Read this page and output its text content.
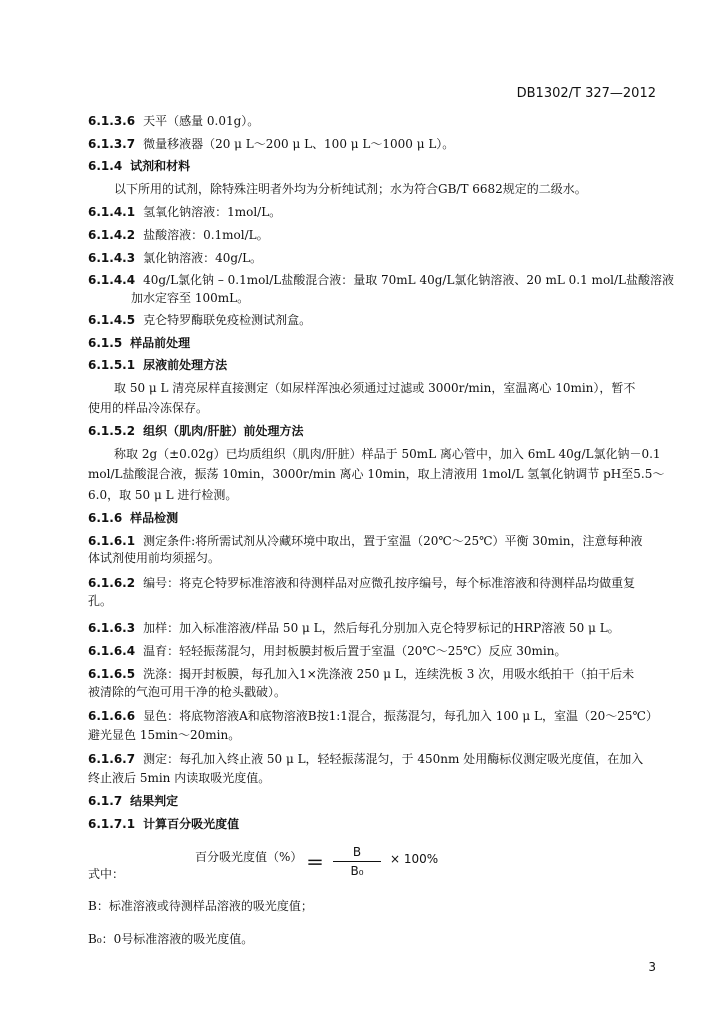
DB1302/T 327—2012
6.1.3.6 天平（感量 0.01g）。
6.1.3.7 微量移液器（20 μ L～200 μ L、100 μ L～1000 μ L）。
6.1.4 试剂和材料
以下所用的试剂，除特殊注明者外均为分析纯试剂；水为符合GB/T 6682规定的二级水。
6.1.4.1 氢氧化钠溶液：1mol/L。
6.1.4.2 盐酸溶液：0.1mol/L。
6.1.4.3 氯化钠溶液：40g/L。
6.1.4.4 40g/L氯化钠 – 0.1mol/L盐酸混合液：量取 70mL 40g/L氯化钠溶液、20 mL 0.1 mol/L盐酸溶液
加水定容至 100mL。
6.1.4.5 克仑特罗酶联免疫检测试剂盒。
6.1.5 样品前处理
6.1.5.1 尿液前处理方法
取 50 μ L 清亮尿样直接测定（如尿样浑浊必须通过过滤或 3000r/min，室温离心 10min），暂不
使用的样品冷冻保存。
6.1.5.2 组织（肌肉/肝脏）前处理方法
称取 2g（±0.02g）已均质组织（肌肉/肝脏）样品于 50mL 离心管中，加入 6mL 40g/L氯化钠－0.1
mol/L盐酸混合液，振荡 10min，3000r/min 离心 10min，取上清液用 1mol/L 氢氧化钠调节 pH至5.5～
6.0，取 50 μ L 进行检测。
6.1.6 样品检测
6.1.6.1 测定条件:将所需试剂从冷藏环境中取出，置于室温（20℃～25℃）平衡 30min，注意每种液
体试剂使用前均须摇匀。
6.1.6.2 编号：将克仑特罗标准溶液和待测样品对应微孔按序编号，每个标准溶液和待测样品均做重复
孔。
6.1.6.3 加样：加入标准溶液/样品 50 μ L，然后每孔分别加入克仑特罗标记的HRP溶液 50 μ L。
6.1.6.4 温育：轻轻振荡混匀，用封板膜封板后置于室温（20℃～25℃）反应 30min。
6.1.6.5 洗涤：揭开封板膜，每孔加入1×洗涤液 250 μ L，连续洗板 3 次，用吸水纸拍干（拍干后未
被清除的气泡可用干净的枪头戳破）。
6.1.6.6 显色：将底物溶液A和底物溶液B按1:1混合，振荡混匀，每孔加入 100 μ L，室温（20～25℃）
避光显色 15min～20min。
6.1.6.7 测定：每孔加入终止液 50 μ L，轻轻振荡混匀，于 450nm 处用酶标仪测定吸光度值，在加入
终止液后 5min 内读取吸光度值。
6.1.7 结果判定
6.1.7.1 计算百分吸光度值
式中：
百分吸光度值（%） ＝
B
B₀
× 100%
B：标准溶液或待测样品溶液的吸光度值；
B₀：0号标准溶液的吸光度值。
3
